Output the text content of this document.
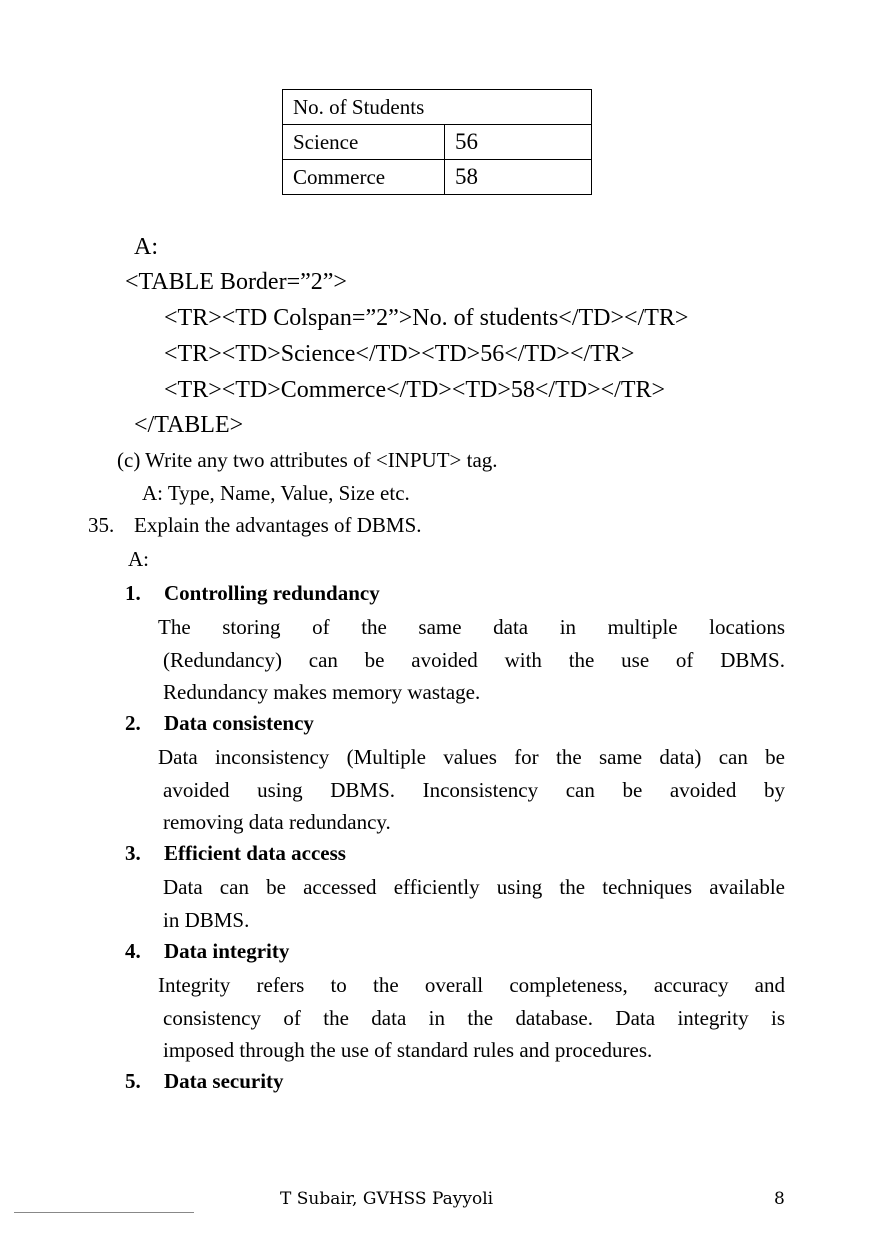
No. of Students	
Science	56
Commerce	58
A:
<TABLE Border=”2”>
<TR><TD Colspan=”2”>No. of students</TD></TR>
<TR><TD>Science</TD><TD>56</TD></TR>
<TR><TD>Commerce</TD><TD>58</TD></TR>
</TABLE>
(c) Write any two attributes of <INPUT> tag.
A: Type, Name, Value, Size etc.
35. Explain the advantages of DBMS.
A:
1. Controlling redundancy
The storing of the same data in multiple locations
(Redundancy) can be avoided with the use of DBMS.
Redundancy makes memory wastage.
2. Data consistency
Data inconsistency (Multiple values for the same data) can be
avoided using DBMS. Inconsistency can be avoided by
removing data redundancy.
3. Efficient data access
Data can be accessed efficiently using the techniques available
in DBMS.
4. Data integrity
Integrity refers to the overall completeness, accuracy and
consistency of the data in the database. Data integrity is
imposed through the use of standard rules and procedures.
5. Data security
T Subair, GVHSS Payyoli	8
